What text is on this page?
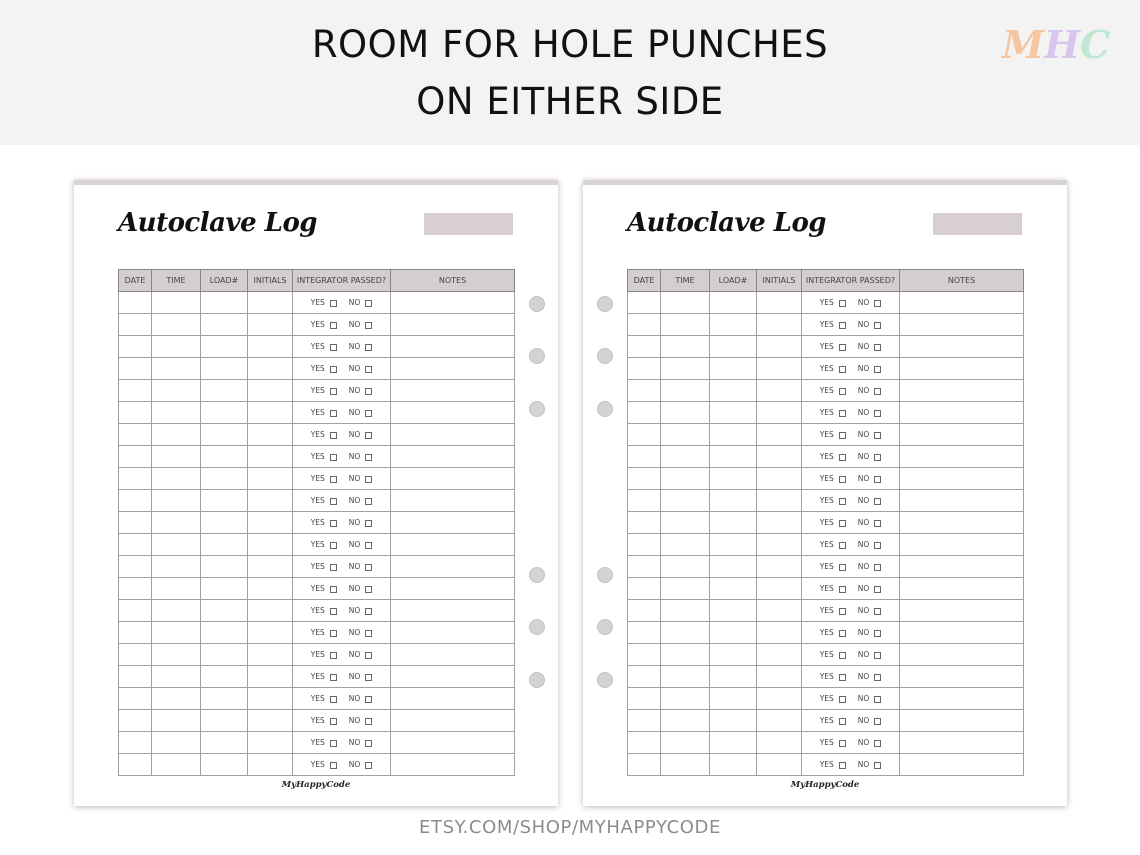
ROOM FOR HOLE PUNCHES
ON EITHER SIDE
MHC
Autoclave Log
DATE	TIME	LOAD#	INITIALS	INTEGRATOR PASSED?	NOTES
				YES NO	
				YES NO	
				YES NO	
				YES NO	
				YES NO	
				YES NO	
				YES NO	
				YES NO	
				YES NO	
				YES NO	
				YES NO	
				YES NO	
				YES NO	
				YES NO	
				YES NO	
				YES NO	
				YES NO	
				YES NO	
				YES NO	
				YES NO	
				YES NO	
				YES NO	
MyHappyCode
Autoclave Log
DATE	TIME	LOAD#	INITIALS	INTEGRATOR PASSED?	NOTES
				YES NO	
				YES NO	
				YES NO	
				YES NO	
				YES NO	
				YES NO	
				YES NO	
				YES NO	
				YES NO	
				YES NO	
				YES NO	
				YES NO	
				YES NO	
				YES NO	
				YES NO	
				YES NO	
				YES NO	
				YES NO	
				YES NO	
				YES NO	
				YES NO	
				YES NO	
MyHappyCode
ETSY.COM/SHOP/MYHAPPYCODE
